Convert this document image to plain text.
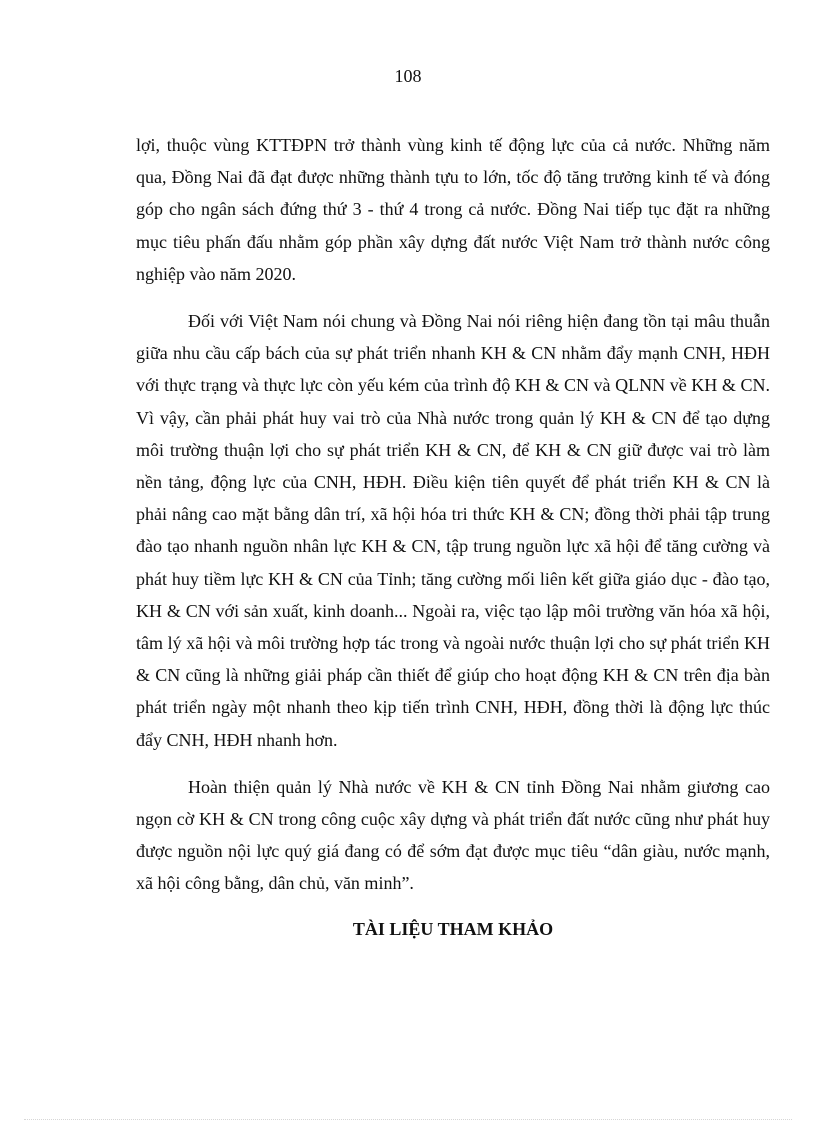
108

lợi, thuộc vùng KTTĐPN trở thành vùng kinh tế động lực của cả nước. Những năm qua, Đồng Nai đã đạt được những thành tựu to lớn, tốc độ tăng trưởng kinh tế và đóng góp cho ngân sách đứng thứ 3 - thứ 4 trong cả nước. Đồng Nai tiếp tục đặt ra những mục tiêu phấn đấu nhằm góp phần xây dựng đất nước Việt Nam trở thành nước công nghiệp vào năm 2020.

Đối với Việt Nam nói chung và Đồng Nai nói riêng hiện đang tồn tại mâu thuẫn giữa nhu cầu cấp bách của sự phát triển nhanh KH & CN nhằm đẩy mạnh CNH, HĐH với thực trạng và thực lực còn yếu kém của trình độ KH & CN và QLNN về KH & CN. Vì vậy, cần phải phát huy vai trò của Nhà nước trong quản lý KH & CN để tạo dựng môi trường thuận lợi cho sự phát triển KH & CN, để KH & CN giữ được vai trò làm nền tảng, động lực của CNH, HĐH. Điều kiện tiên quyết để phát triển KH & CN là phải nâng cao mặt bằng dân trí, xã hội hóa tri thức KH & CN; đồng thời phải tập trung đào tạo nhanh nguồn nhân lực KH & CN, tập trung nguồn lực xã hội để tăng cường và phát huy tiềm lực KH & CN của Tỉnh; tăng cường mối liên kết giữa giáo dục - đào tạo, KH & CN với sản xuất, kinh doanh... Ngoài ra, việc tạo lập môi trường văn hóa xã hội, tâm lý xã hội và môi trường hợp tác trong và ngoài nước thuận lợi cho sự phát triển KH & CN cũng là những giải pháp cần thiết để giúp cho hoạt động KH & CN trên địa bàn phát triển ngày một nhanh theo kịp tiến trình CNH, HĐH, đồng thời là động lực thúc đẩy CNH, HĐH nhanh hơn.

Hoàn thiện quản lý Nhà nước về KH & CN tỉnh Đồng Nai nhằm giương cao ngọn cờ KH & CN trong công cuộc xây dựng và phát triển đất nước cũng như phát huy được nguồn nội lực quý giá đang có để sớm đạt được mục tiêu “dân giàu, nước mạnh, xã hội công bằng, dân chủ, văn minh”.

TÀI LIỆU THAM KHẢO
